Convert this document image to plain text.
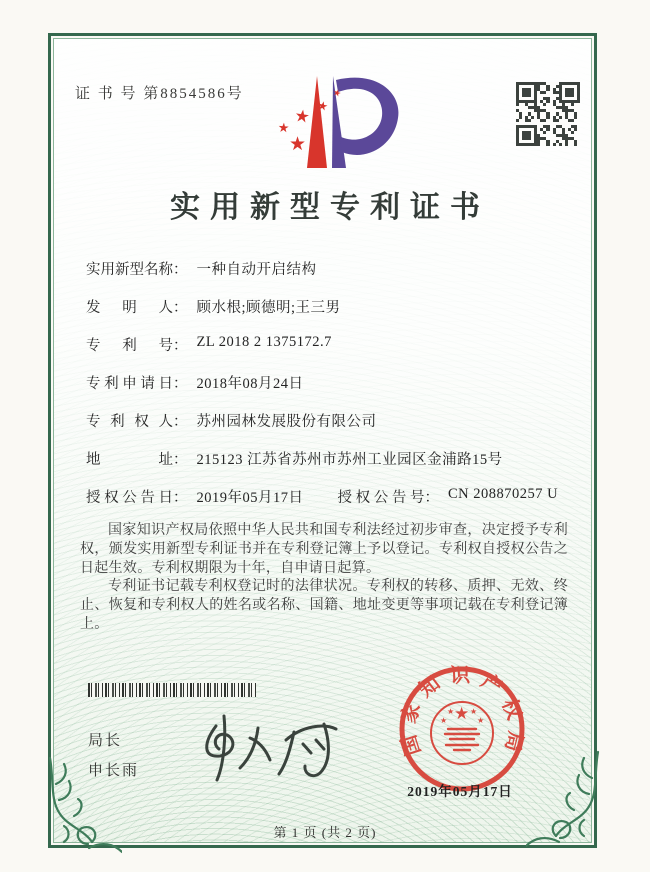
证 书 号 第8854586号	★
★
★
★
★
实用新型专利证书
实用新型名称 ： 一种自动开启结构
发明人 ： 顾水根;顾德明;王三男
专利号 ： ZL 2018 2 1375172.7
专利申请日 ： 2018年08月24日
专利权人 ： 苏州园林发展股份有限公司
地址 ： 215123 江苏省苏州市苏州工业园区金浦路15号
授权公告日 ： 2019年05月17日 授权公告号 ： CN 208870257 U

国家知识产权局依照中华人民共和国专利法经过初步审查，决定授予专利权，颁发实用新型专利证书并在专利登记簿上予以登记。专利权自授权公告之日起生效。专利权期限为十年，自申请日起算。

专利证书记载专利权登记时的法律状况。专利权的转移、质押、无效、终止、恢复和专利权人的姓名或名称、国籍、地址变更等事项记载在专利登记簿上。

局长
申长雨
国家知识产权局
★
★
★ ★
★
2019年05月17日
第 1 页 (共 2 页)
